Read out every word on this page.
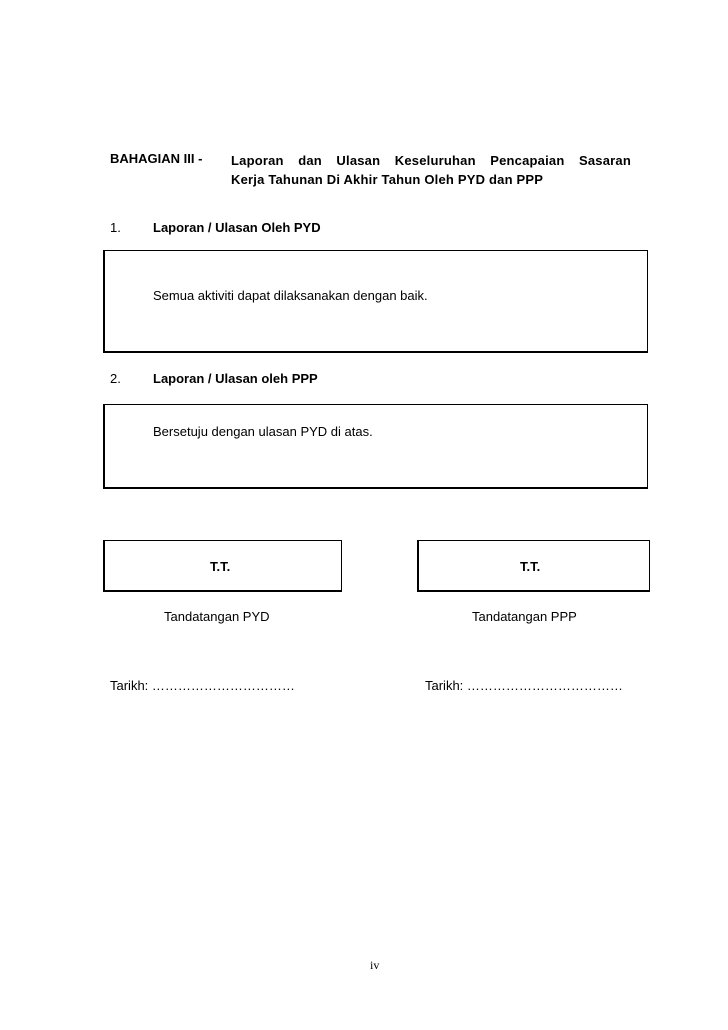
BAHAGIAN III - Laporan dan Ulasan Keseluruhan Pencapaian Sasaran
Kerja Tahunan Di Akhir Tahun Oleh PYD dan PPP
1. Laporan / Ulasan Oleh PYD
Semua aktiviti dapat dilaksanakan dengan baik.
2. Laporan / Ulasan oleh PPP
Bersetuju dengan ulasan PYD di atas.
T.T.	T.T.
Tandatangan PYD	Tandatangan PPP
Tarikh: ……………………………	Tarikh: ………………………………
iv
